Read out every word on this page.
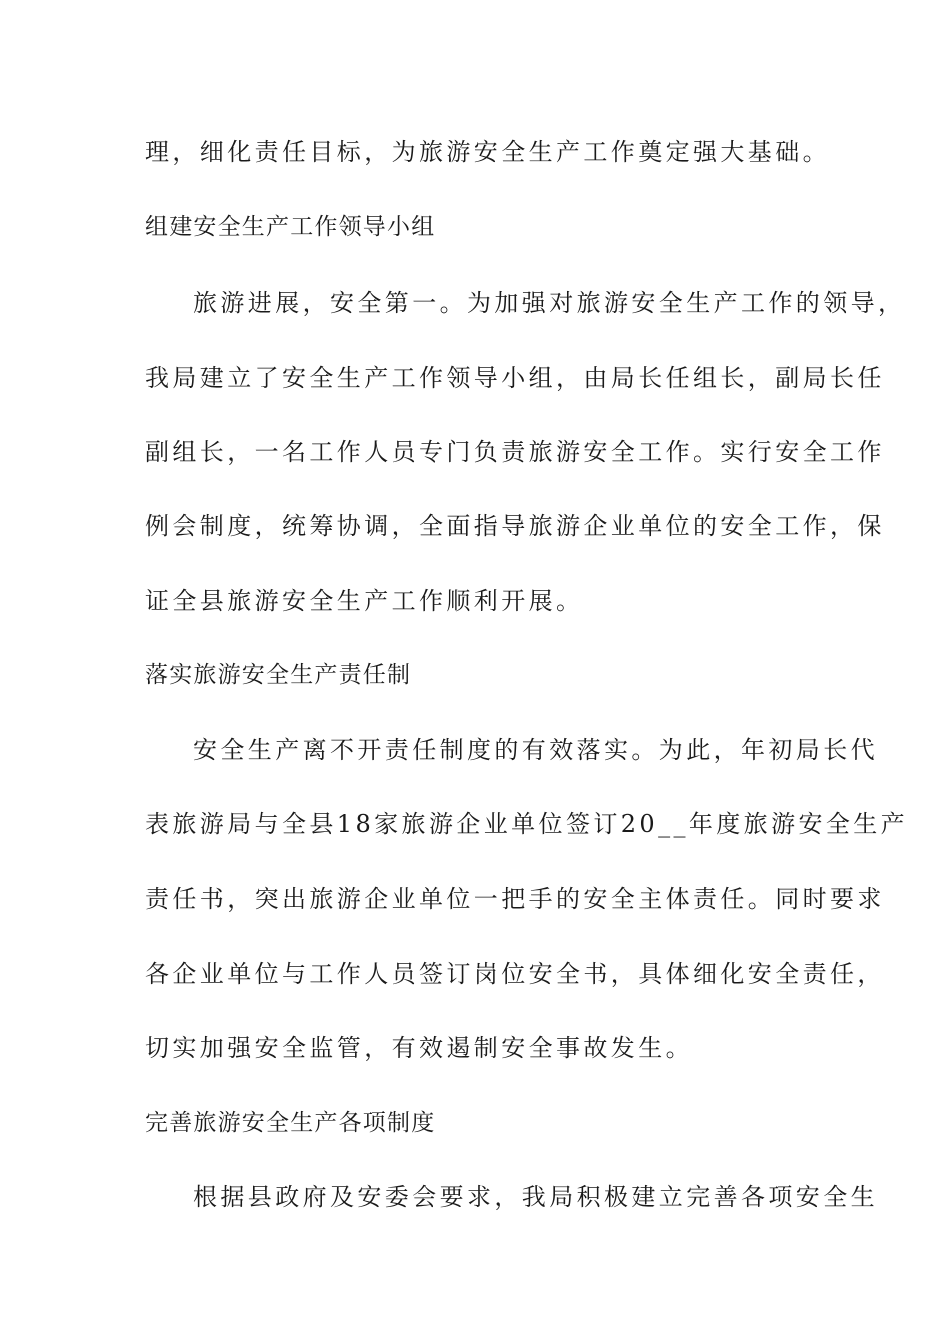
理，细化责任目标，为旅游安全生产工作奠定强大基础。
组建安全生产工作领导小组
旅游进展，安全第一。为加强对旅游安全生产工作的领导，
我局建立了安全生产工作领导小组，由局长任组长，副局长任
副组长，一名工作人员专门负责旅游安全工作。实行安全工作
例会制度，统筹协调，全面指导旅游企业单位的安全工作，保
证全县旅游安全生产工作顺利开展。
落实旅游安全生产责任制
安全生产离不开责任制度的有效落实。为此，年初局长代
表旅游局与全县18家旅游企业单位签订20__年度旅游安全生产
责任书，突出旅游企业单位一把手的安全主体责任。同时要求
各企业单位与工作人员签订岗位安全书，具体细化安全责任，
切实加强安全监管，有效遏制安全事故发生。
完善旅游安全生产各项制度
根据县政府及安委会要求，我局积极建立完善各项安全生
